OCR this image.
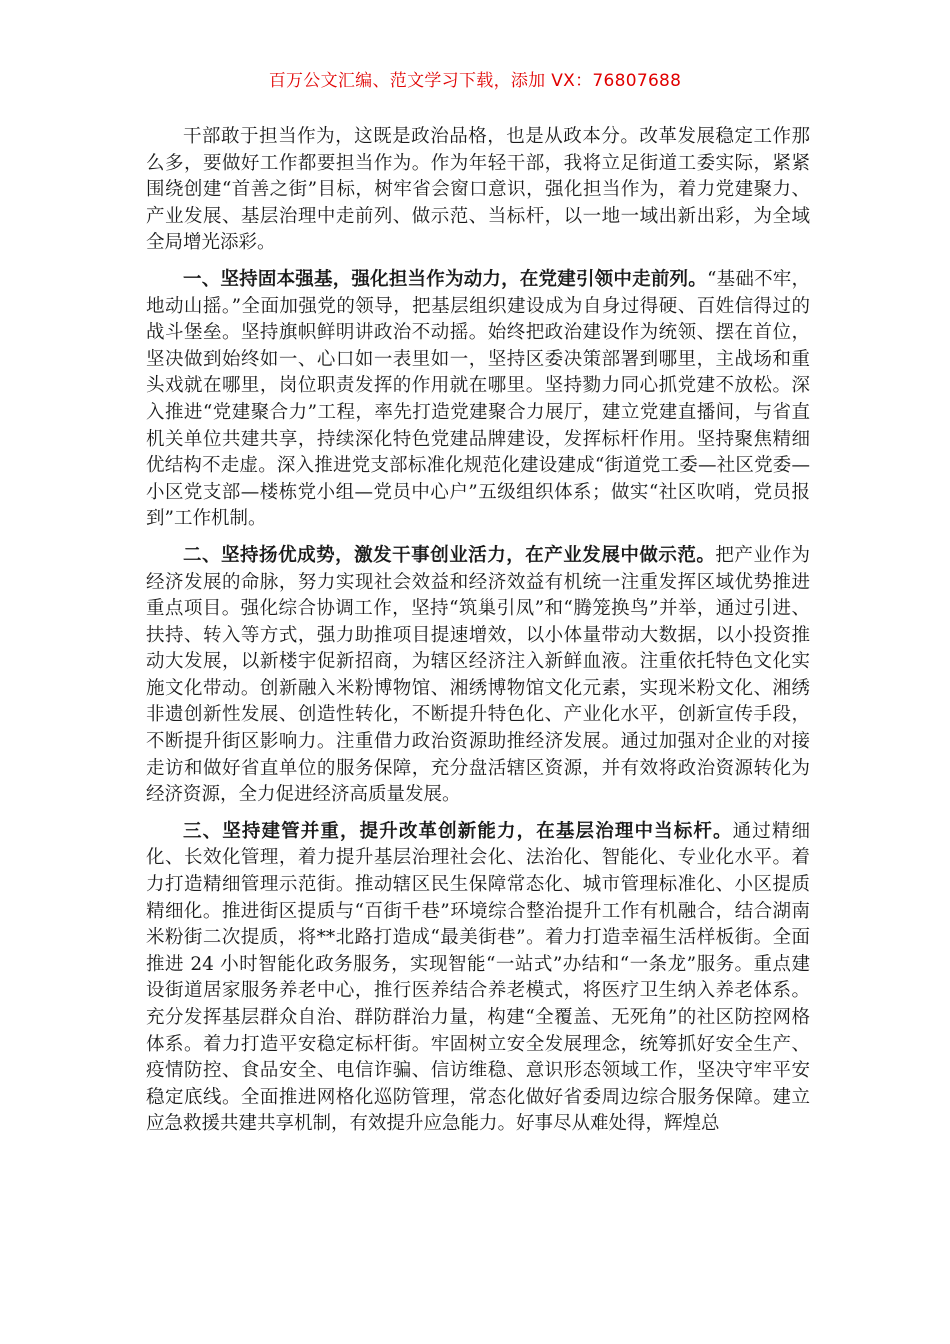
百万公文汇编、范文学习下载，添加 VX：76807688

干部敢于担当作为，这既是政治品格，也是从政本分。改革发展稳定工作那么多，要做好工作都要担当作为。作为年轻干部，我将立足街道工委实际，紧紧围绕创建“首善之街”目标，树牢省会窗口意识，强化担当作为，着力党建聚力、产业发展、基层治理中走前列、做示范、当标杆，以一地一域出新出彩，为全域全局增光添彩。

一、坚持固本强基，强化担当作为动力，在党建引领中走前列。“基础不牢，地动山摇。”全面加强党的领导，把基层组织建设成为自身过得硬、百姓信得过的战斗堡垒。坚持旗帜鲜明讲政治不动摇。始终把政治建设作为统领、摆在首位，坚决做到始终如一、心口如一表里如一，坚持区委决策部署到哪里，主战场和重头戏就在哪里，岗位职责发挥的作用就在哪里。坚持勠力同心抓党建不放松。深入推进“党建聚合力”工程，率先打造党建聚合力展厅，建立党建直播间，与省直机关单位共建共享，持续深化特色党建品牌建设，发挥标杆作用。坚持聚焦精细优结构不走虚。深入推进党支部标准化规范化建设建成“街道党工委—社区党委—小区党支部—楼栋党小组—党员中心户”五级组织体系；做实“社区吹哨，党员报到”工作机制。

二、坚持扬优成势，激发干事创业活力，在产业发展中做示范。把产业作为经济发展的命脉，努力实现社会效益和经济效益有机统一注重发挥区域优势推进重点项目。强化综合协调工作，坚持“筑巢引凤”和“腾笼换鸟”并举，通过引进、扶持、转入等方式，强力助推项目提速增效，以小体量带动大数据，以小投资推动大发展，以新楼宇促新招商，为辖区经济注入新鲜血液。注重依托特色文化实施文化带动。创新融入米粉博物馆、湘绣博物馆文化元素，实现米粉文化、湘绣非遗创新性发展、创造性转化，不断提升特色化、产业化水平，创新宣传手段，不断提升街区影响力。注重借力政治资源助推经济发展。通过加强对企业的对接走访和做好省直单位的服务保障，充分盘活辖区资源，并有效将政治资源转化为经济资源，全力促进经济高质量发展。

三、坚持建管并重，提升改革创新能力，在基层治理中当标杆。通过精细化、长效化管理，着力提升基层治理社会化、法治化、智能化、专业化水平。着力打造精细管理示范街。推动辖区民生保障常态化、城市管理标准化、小区提质精细化。推进街区提质与“百街千巷”环境综合整治提升工作有机融合，结合湖南米粉街二次提质，将**北路打造成“最美街巷”。着力打造幸福生活样板街。全面推进 24 小时智能化政务服务，实现智能“一站式”办结和“一条龙”服务。重点建设街道居家服务养老中心，推行医养结合养老模式，将医疗卫生纳入养老体系。充分发挥基层群众自治、群防群治力量，构建“全覆盖、无死角”的社区防控网格体系。着力打造平安稳定标杆街。牢固树立安全发展理念，统筹抓好安全生产、疫情防控、食品安全、电信诈骗、信访维稳、意识形态领域工作，坚决守牢平安稳定底线。全面推进网格化巡防管理，常态化做好省委周边综合服务保障。建立应急救援共建共享机制，有效提升应急能力。好事尽从难处得，辉煌总
